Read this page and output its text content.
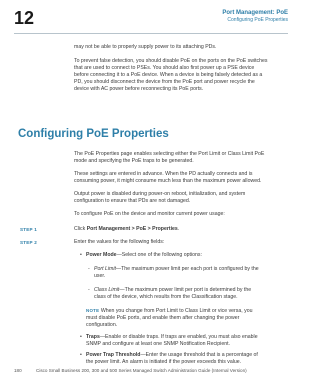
12	Port Management: PoE
Configuring PoE Properties

may not be able to properly supply power to its attaching PDs.

To prevent false detection, you should disable PoE on the ports on the PoE switches

that are used to connect to PSEs. You should also first power up a PSE device

before connecting it to a PoE device. When a device is being falsely detected as a

PD, you should disconnect the device from the PoE port and power recycle the

device with AC power before reconnecting its PoE ports.

Configuring PoE Properties

The PoE Properties page enables selecting either the Port Limit or Class Limit PoE

mode and specifying the PoE traps to be generated.

These settings are entered in advance. When the PD actually connects and is

consuming power, it might consume much less than the maximum power allowed.

Output power is disabled during power-on reboot, initialization, and system

configuration to ensure that PDs are not damaged.

To configure PoE on the device and monitor current power usage:

STEP 1	Click Port Management > PoE > Properties.
STEP 2	Enter the values for the following fields:
• Power Mode—Select one of the following options:
- Port Limit—The maximum power limit per each port is configured by the
user.
- Class Limit—The maximum power limit per port is determined by the
class of the device, which results from the Classification stage.
NOTE When you change from Port Limit to Class Limit or vice versa, you
must disable PoE ports, and enable them after changing the power
configuration.
• Traps—Enable or disable traps. If traps are enabled, you must also enable
SNMP and configure at least one SNMP Notification Recipient.
• Power Trap Threshold—Enter the usage threshold that is a percentage of
the power limit. An alarm is initiated if the power exceeds this value.
180	Cisco Small Business 200, 300 and 500 Series Managed Switch Administration Guide (Internal Version)
